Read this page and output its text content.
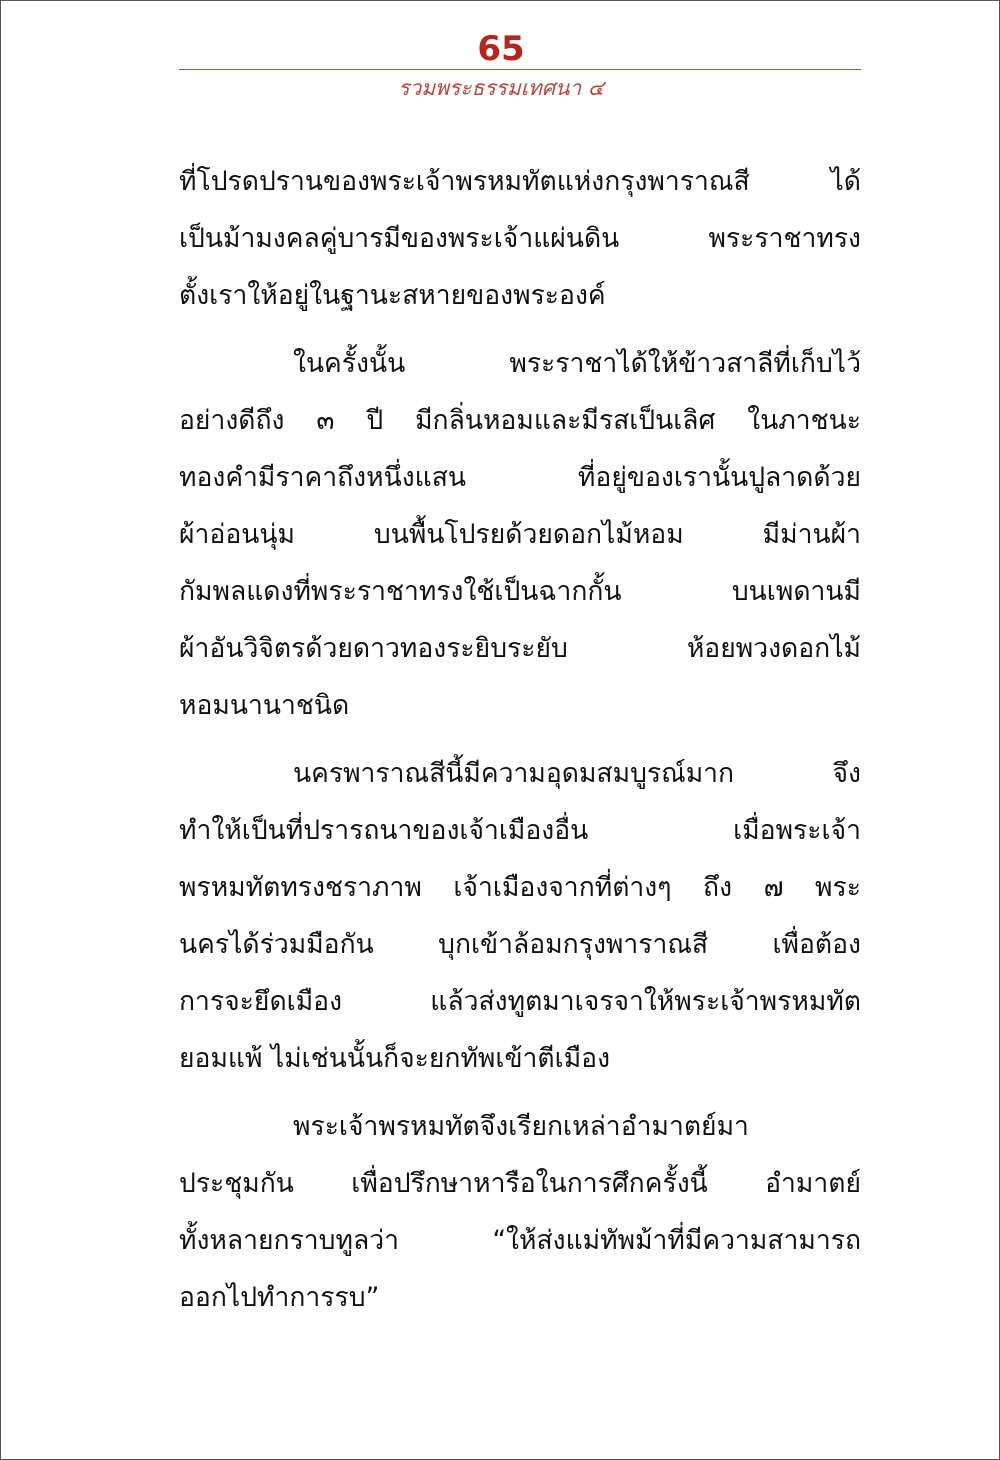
65
รวมพระธรรมเทศนา ๔
ที่โปรดปรานของพระเจ้าพรหมทัตแห่งกรุงพาราณสี ได้
เป็นม้ามงคลคู่บารมีของพระเจ้าแผ่นดิน พระราชาทรง
ตั้งเราให้อยู่ในฐานะสหายของพระองค์
ในครั้งนั้น พระราชาได้ให้ข้าวสาลีที่เก็บไว้
อย่างดีถึง ๓ ปี มีกลิ่นหอมและมีรสเป็นเลิศ ในภาชนะ
ทองคำมีราคาถึงหนึ่งแสน ที่อยู่ของเรานั้นปูลาดด้วย
ผ้าอ่อนนุ่ม บนพื้นโปรยด้วยดอกไม้หอม มีม่านผ้า
กัมพลแดงที่พระราชาทรงใช้เป็นฉากกั้น บนเพดานมี
ผ้าอันวิจิตรด้วยดาวทองระยิบระยับ ห้อยพวงดอกไม้
หอมนานาชนิด
นครพาราณสีนี้มีความอุดมสมบูรณ์มาก จึง
ทำให้เป็นที่ปรารถนาของเจ้าเมืองอื่น เมื่อพระเจ้า
พรหมทัตทรงชราภาพ เจ้าเมืองจากที่ต่างๆ ถึง ๗ พระ
นครได้ร่วมมือกัน บุกเข้าล้อมกรุงพาราณสี เพื่อต้อง
การจะยึดเมือง แล้วส่งทูตมาเจรจาให้พระเจ้าพรหมทัต
ยอมแพ้ ไม่เช่นนั้นก็จะยกทัพเข้าตีเมือง
พระเจ้าพรหมทัตจึงเรียกเหล่าอำมาตย์มา
ประชุมกัน เพื่อปรึกษาหารือในการศึกครั้งนี้ อำมาตย์
ทั้งหลายกราบทูลว่า “ให้ส่งแม่ทัพม้าที่มีความสามารถ
ออกไปทำการรบ”
